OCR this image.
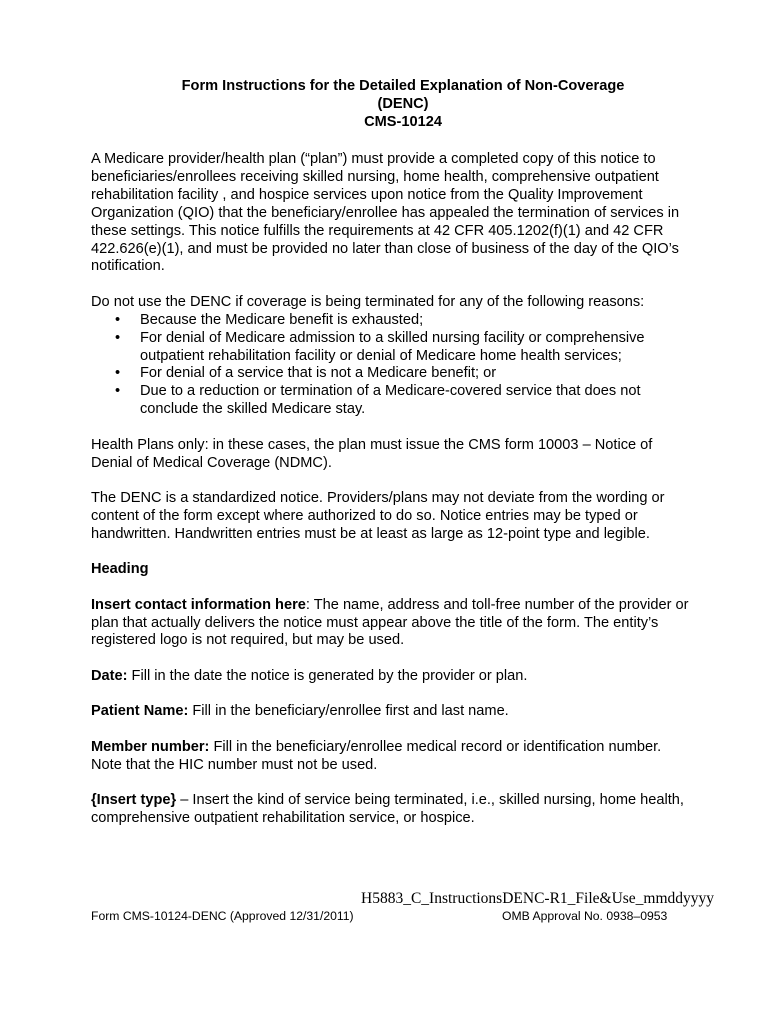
Form Instructions for the Detailed Explanation of Non-Coverage
(DENC)
CMS-10124

A Medicare provider/health plan (“plan”) must provide a completed copy of this notice to beneficiaries/enrollees receiving skilled nursing, home health, comprehensive outpatient rehabilitation facility , and hospice services upon notice from the Quality Improvement Organization (QIO) that the beneficiary/enrollee has appealed the termination of services in these settings. This notice fulfills the requirements at 42 CFR 405.1202(f)(1) and 42 CFR 422.626(e)(1), and must be provided no later than close of business of the day of the QIO’s notification.

Do not use the DENC if coverage is being terminated for any of the following reasons:

• Because the Medicare benefit is exhausted;
• For denial of Medicare admission to a skilled nursing facility or comprehensive outpatient rehabilitation facility or denial of Medicare home health services;
• For denial of a service that is not a Medicare benefit; or
• Due to a reduction or termination of a Medicare-covered service that does not conclude the skilled Medicare stay.

Health Plans only: in these cases, the plan must issue the CMS form 10003 – Notice of Denial of Medical Coverage (NDMC).

The DENC is a standardized notice. Providers/plans may not deviate from the wording or content of the form except where authorized to do so. Notice entries may be typed or handwritten. Handwritten entries must be at least as large as 12-point type and legible.

Heading

Insert contact information here: The name, address and toll-free number of the provider or plan that actually delivers the notice must appear above the title of the form. The entity’s registered logo is not required, but may be used.

Date: Fill in the date the notice is generated by the provider or plan.

Patient Name: Fill in the beneficiary/enrollee first and last name.

Member number: Fill in the beneficiary/enrollee medical record or identification number. Note that the HIC number must not be used.

{Insert type} – Insert the kind of service being terminated, i.e., skilled nursing, home health, comprehensive outpatient rehabilitation service, or hospice.

H5883_C_InstructionsDENC-R1_File&Use_mmddyyyy
Form CMS-10124-DENC (Approved 12/31/2011)	OMB Approval No. 0938–0953
